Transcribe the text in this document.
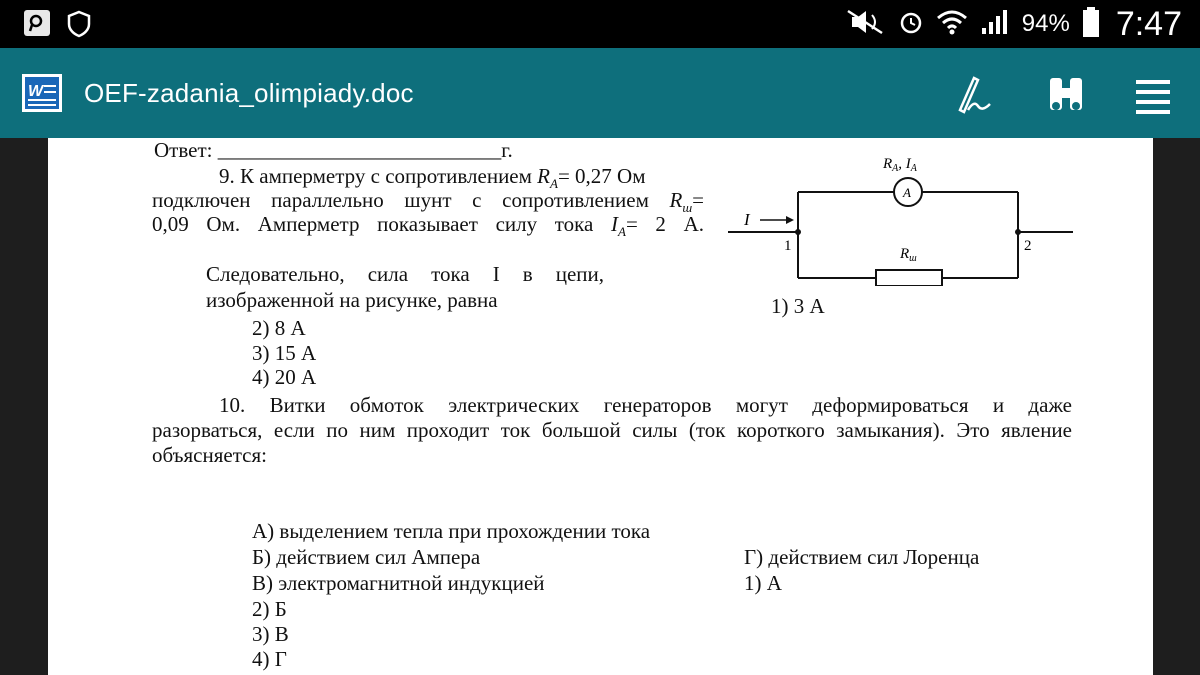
94% 7:47
W OEF-zadania_olimpiady.doc
Ответ: ___________________________г.
9. К амперметру с сопротивлением $R_A= 0,27$ Ом
подключен параллельно шунт с сопротивлением $R_ш=$
0,09 Ом. Амперметр показывает силу тока $I_A= 2$ А.
Следовательно, сила тока I в цепи,
изображенной на рисунке, равна	1) 3 А
2) 8 А
3) 15 А
4) 20 А
$R_A$, $I_A$
A
I
1	2
$R_ш$
10. Витки обмоток электрических генераторов могут деформироваться и даже
разорваться, если по ним проходит ток большой силы (ток короткого замыкания). Это явление
объясняется:
А) выделением тепла при прохождении тока
Б) действием сил Ампера	Г) действием сил Лоренца
В) электромагнитной индукцией	1) А
2) Б
3) В
4) Г
